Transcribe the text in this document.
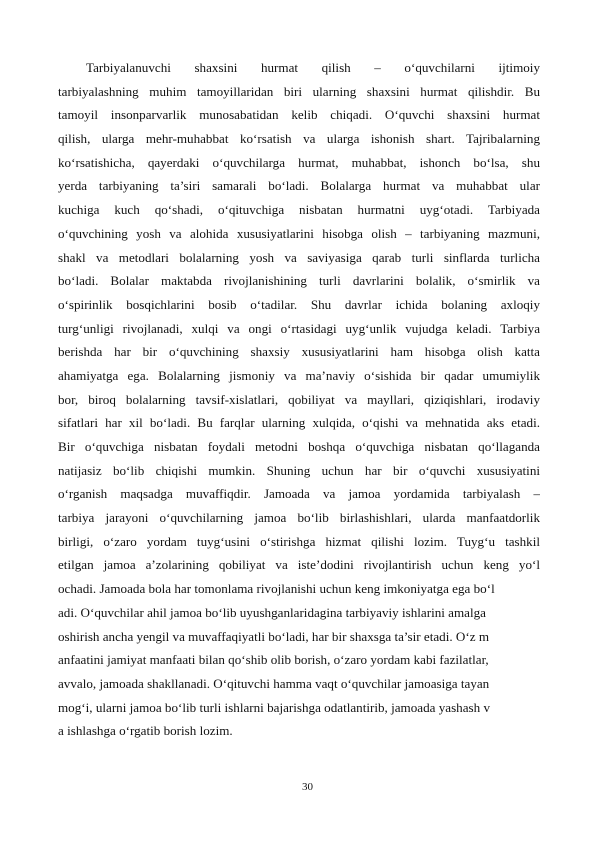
Tarbiyalanuvchi shaxsini hurmat qilish – o‘quvchilarni ijtimoiy
tarbiyalashning muhim tamoyillaridan biri ularning shaxsini hurmat qilishdir. Bu
tamoyil insonparvarlik munosabatidan kelib chiqadi. O‘quvchi shaxsini hurmat
qilish, ularga mehr-muhabbat ko‘rsatish va ularga ishonish shart. Tajribalarning
ko‘rsatishicha, qayerdaki o‘quvchilarga hurmat, muhabbat, ishonch bo‘lsa, shu
yerda tarbiyaning ta’siri samarali bo‘ladi. Bolalarga hurmat va muhabbat ular
kuchiga kuch qo‘shadi, o‘qituvchiga nisbatan hurmatni uyg‘otadi. Tarbiyada
o‘quvchining yosh va alohida xususiyatlarini hisobga olish – tarbiyaning mazmuni,
shakl va metodlari bolalarning yosh va saviyasiga qarab turli sinflarda turlicha
bo‘ladi. Bolalar maktabda rivojlanishining turli davrlarini bolalik, o‘smirlik va
o‘spirinlik bosqichlarini bosib o‘tadilar. Shu davrlar ichida bolaning axloqiy
turg‘unligi rivojlanadi, xulqi va ongi o‘rtasidagi uyg‘unlik vujudga keladi. Tarbiya
berishda har bir o‘quvchining shaxsiy xususiyatlarini ham hisobga olish katta
ahamiyatga ega. Bolalarning jismoniy va ma’naviy o‘sishida bir qadar umumiylik
bor, biroq bolalarning tavsif-xislatlari, qobiliyat va mayllari, qiziqishlari, irodaviy
sifatlari har xil bo‘ladi. Bu farqlar ularning xulqida, o‘qishi va mehnatida aks etadi.
Bir o‘quvchiga nisbatan foydali metodni boshqa o‘quvchiga nisbatan qo‘llaganda
natijasiz bo‘lib chiqishi mumkin. Shuning uchun har bir o‘quvchi xususiyatini
o‘rganish maqsadga muvaffiqdir. Jamoada va jamoa yordamida tarbiyalash –
tarbiya jarayoni o‘quvchilarning jamoa bo‘lib birlashishlari, ularda manfaatdorlik
birligi, o‘zaro yordam tuyg‘usini o‘stirishga hizmat qilishi lozim. Tuyg‘u tashkil
etilgan jamoa a’zolarining qobiliyat va iste’dodini rivojlantirish uchun keng yo‘l
ochadi. Jamoada bola har tomonlama rivojlanishi uchun keng imkoniyatga ega bo‘l
adi. O‘quvchilar ahil jamoa bo‘lib uyushganlaridagina tarbiyaviy ishlarini amalga
oshirish ancha yengil va muvaffaqiyatli bo‘ladi, har bir shaxsga ta’sir etadi. O‘z m
anfaatini jamiyat manfaati bilan qo‘shib olib borish, o‘zaro yordam kabi fazilatlar,
avvalo, jamoada shakllanadi. O‘qituvchi hamma vaqt o‘quvchilar jamoasiga tayan
mog‘i, ularni jamoa bo‘lib turli ishlarni bajarishga odatlantirib, jamoada yashash v
a ishlashga o‘rgatib borish lozim.
30
